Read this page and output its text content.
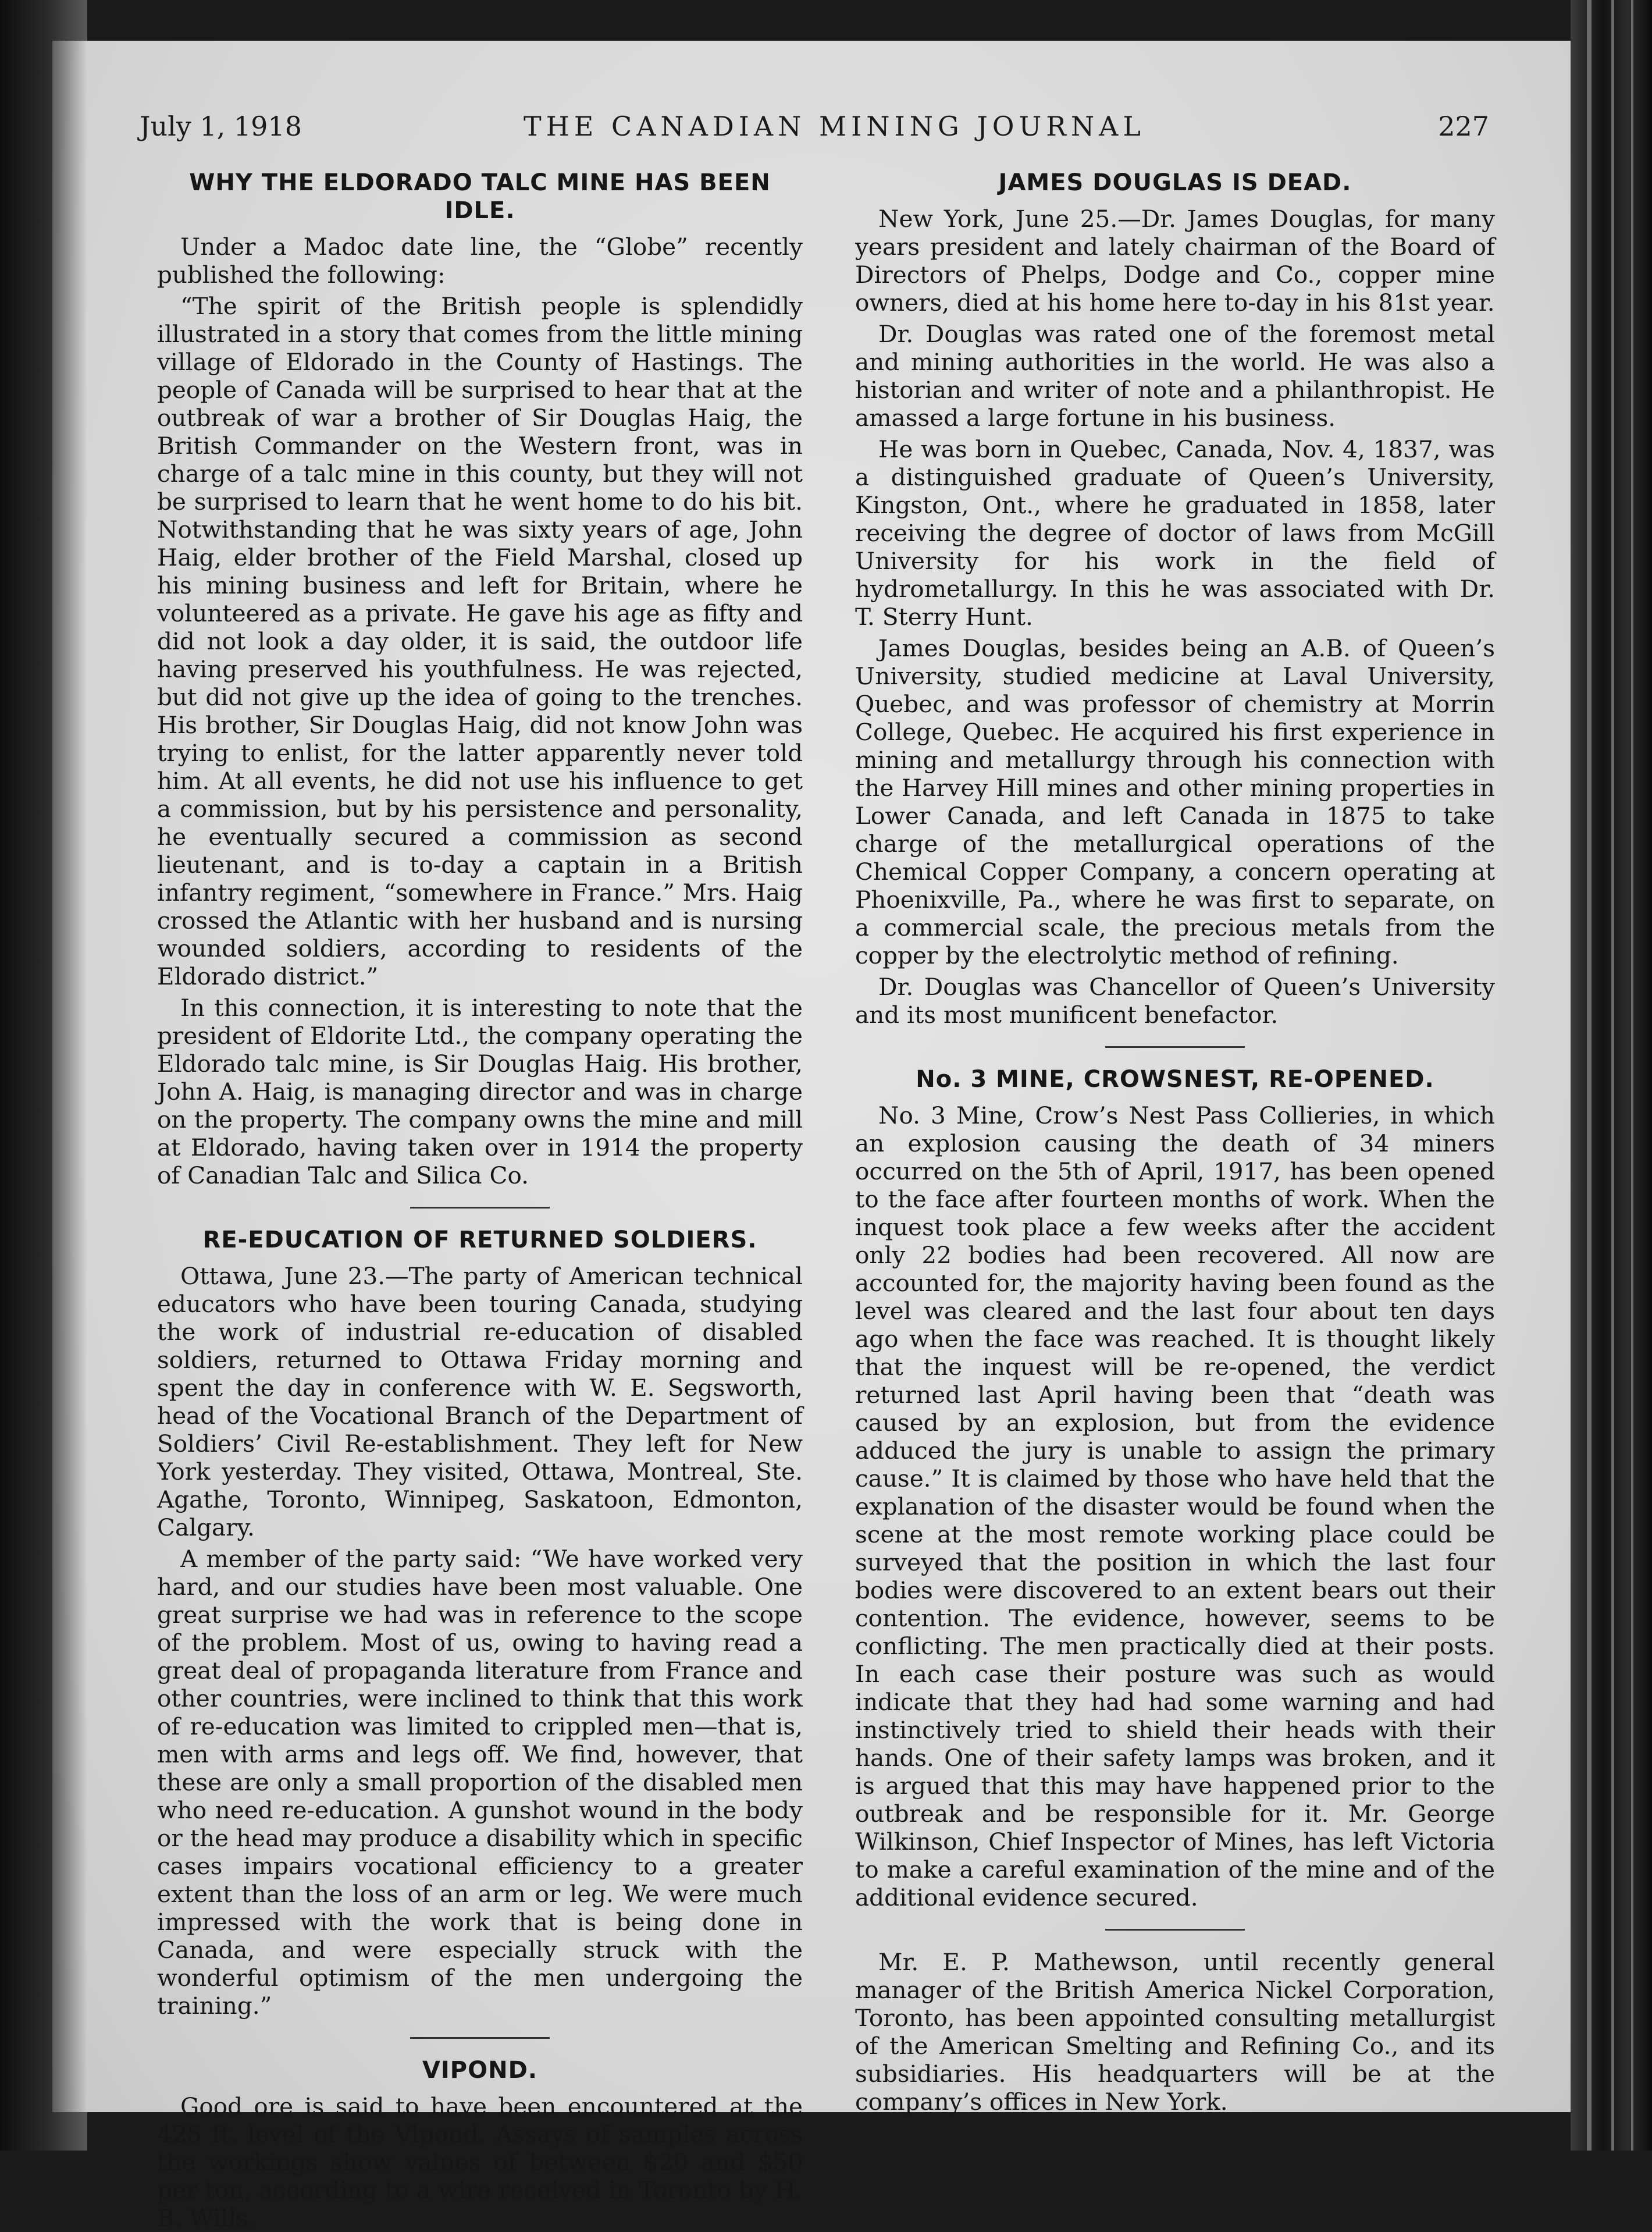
July 1, 1918	THE CANADIAN MINING JOURNAL	227
WHY THE ELDORADO TALC MINE HAS BEEN IDLE.

Under a Madoc date line, the “Globe” recently published the following:

“The spirit of the British people is splendidly illustrated in a story that comes from the little mining village of Eldorado in the County of Hastings. The people of Canada will be surprised to hear that at the outbreak of war a brother of Sir Douglas Haig, the British Commander on the Western front, was in charge of a talc mine in this county, but they will not be surprised to learn that he went home to do his bit. Notwithstanding that he was sixty years of age, John Haig, elder brother of the Field Marshal, closed up his mining business and left for Britain, where he volunteered as a private. He gave his age as fifty and did not look a day older, it is said, the outdoor life having preserved his youthfulness. He was rejected, but did not give up the idea of going to the trenches. His brother, Sir Douglas Haig, did not know John was trying to enlist, for the latter apparently never told him. At all events, he did not use his influence to get a commission, but by his persistence and personality, he eventually secured a commission as second lieutenant, and is to-day a captain in a British infantry regiment, “somewhere in France.” Mrs. Haig crossed the Atlantic with her husband and is nursing wounded soldiers, according to residents of the Eldorado district.”

In this connection, it is interesting to note that the president of Eldorite Ltd., the company operating the Eldorado talc mine, is Sir Douglas Haig. His brother, John A. Haig, is managing director and was in charge on the property. The company owns the mine and mill at Eldorado, having taken over in 1914 the property of Canadian Talc and Silica Co.

RE-EDUCATION OF RETURNED SOLDIERS.

Ottawa, June 23.—The party of American technical educators who have been touring Canada, studying the work of industrial re-education of disabled soldiers, returned to Ottawa Friday morning and spent the day in conference with W. E. Segsworth, head of the Vocational Branch of the Department of Soldiers’ Civil Re-establishment. They left for New York yesterday. They visited, Ottawa, Montreal, Ste. Agathe, Toronto, Winnipeg, Saskatoon, Edmonton, Calgary.

A member of the party said: “We have worked very hard, and our studies have been most valuable. One great surprise we had was in reference to the scope of the problem. Most of us, owing to having read a great deal of propaganda literature from France and other countries, were inclined to think that this work of re-education was limited to crippled men—that is, men with arms and legs off. We find, however, that these are only a small proportion of the disabled men who need re-education. A gunshot wound in the body or the head may produce a disability which in specific cases impairs vocational efficiency to a greater extent than the loss of an arm or leg. We were much impressed with the work that is being done in Canada, and were especially struck with the wonderful optimism of the men undergoing the training.”

VIPOND.

Good ore is said to have been encountered at the 425 ft. level of the Vipond. Assays of samples across the workings show values of between $20 and $50 per ton, according to a wire received in Toronto by H. B. Wills.

JAMES DOUGLAS IS DEAD.

New York, June 25.—Dr. James Douglas, for many years president and lately chairman of the Board of Directors of Phelps, Dodge and Co., copper mine owners, died at his home here to-day in his 81st year.

Dr. Douglas was rated one of the foremost metal and mining authorities in the world. He was also a historian and writer of note and a philanthropist. He amassed a large fortune in his business.

He was born in Quebec, Canada, Nov. 4, 1837, was a distinguished graduate of Queen’s University, Kingston, Ont., where he graduated in 1858, later receiving the degree of doctor of laws from McGill University for his work in the field of hydrometallurgy. In this he was associated with Dr. T. Sterry Hunt.

James Douglas, besides being an A.B. of Queen’s University, studied medicine at Laval University, Quebec, and was professor of chemistry at Morrin College, Quebec. He acquired his first experience in mining and metallurgy through his connection with the Harvey Hill mines and other mining properties in Lower Canada, and left Canada in 1875 to take charge of the metallurgical operations of the Chemical Copper Company, a concern operating at Phoenixville, Pa., where he was first to separate, on a commercial scale, the precious metals from the copper by the electrolytic method of refining.

Dr. Douglas was Chancellor of Queen’s University and its most munificent benefactor.

No. 3 MINE, CROWSNEST, RE-OPENED.

No. 3 Mine, Crow’s Nest Pass Collieries, in which an explosion causing the death of 34 miners occurred on the 5th of April, 1917, has been opened to the face after fourteen months of work. When the inquest took place a few weeks after the accident only 22 bodies had been recovered. All now are accounted for, the majority having been found as the level was cleared and the last four about ten days ago when the face was reached. It is thought likely that the inquest will be re-opened, the verdict returned last April having been that “death was caused by an explosion, but from the evidence adduced the jury is unable to assign the primary cause.” It is claimed by those who have held that the explanation of the disaster would be found when the scene at the most remote working place could be surveyed that the position in which the last four bodies were discovered to an extent bears out their contention. The evidence, however, seems to be conflicting. The men practically died at their posts. In each case their posture was such as would indicate that they had had some warning and had instinctively tried to shield their heads with their hands. One of their safety lamps was broken, and it is argued that this may have happened prior to the outbreak and be responsible for it. Mr. George Wilkinson, Chief Inspector of Mines, has left Victoria to make a careful examination of the mine and of the additional evidence secured.

Mr. E. P. Mathewson, until recently general manager of the British America Nickel Corporation, Toronto, has been appointed consulting metallurgist of the American Smelting and Refining Co., and its subsidiaries. His headquarters will be at the company’s offices in New York.
